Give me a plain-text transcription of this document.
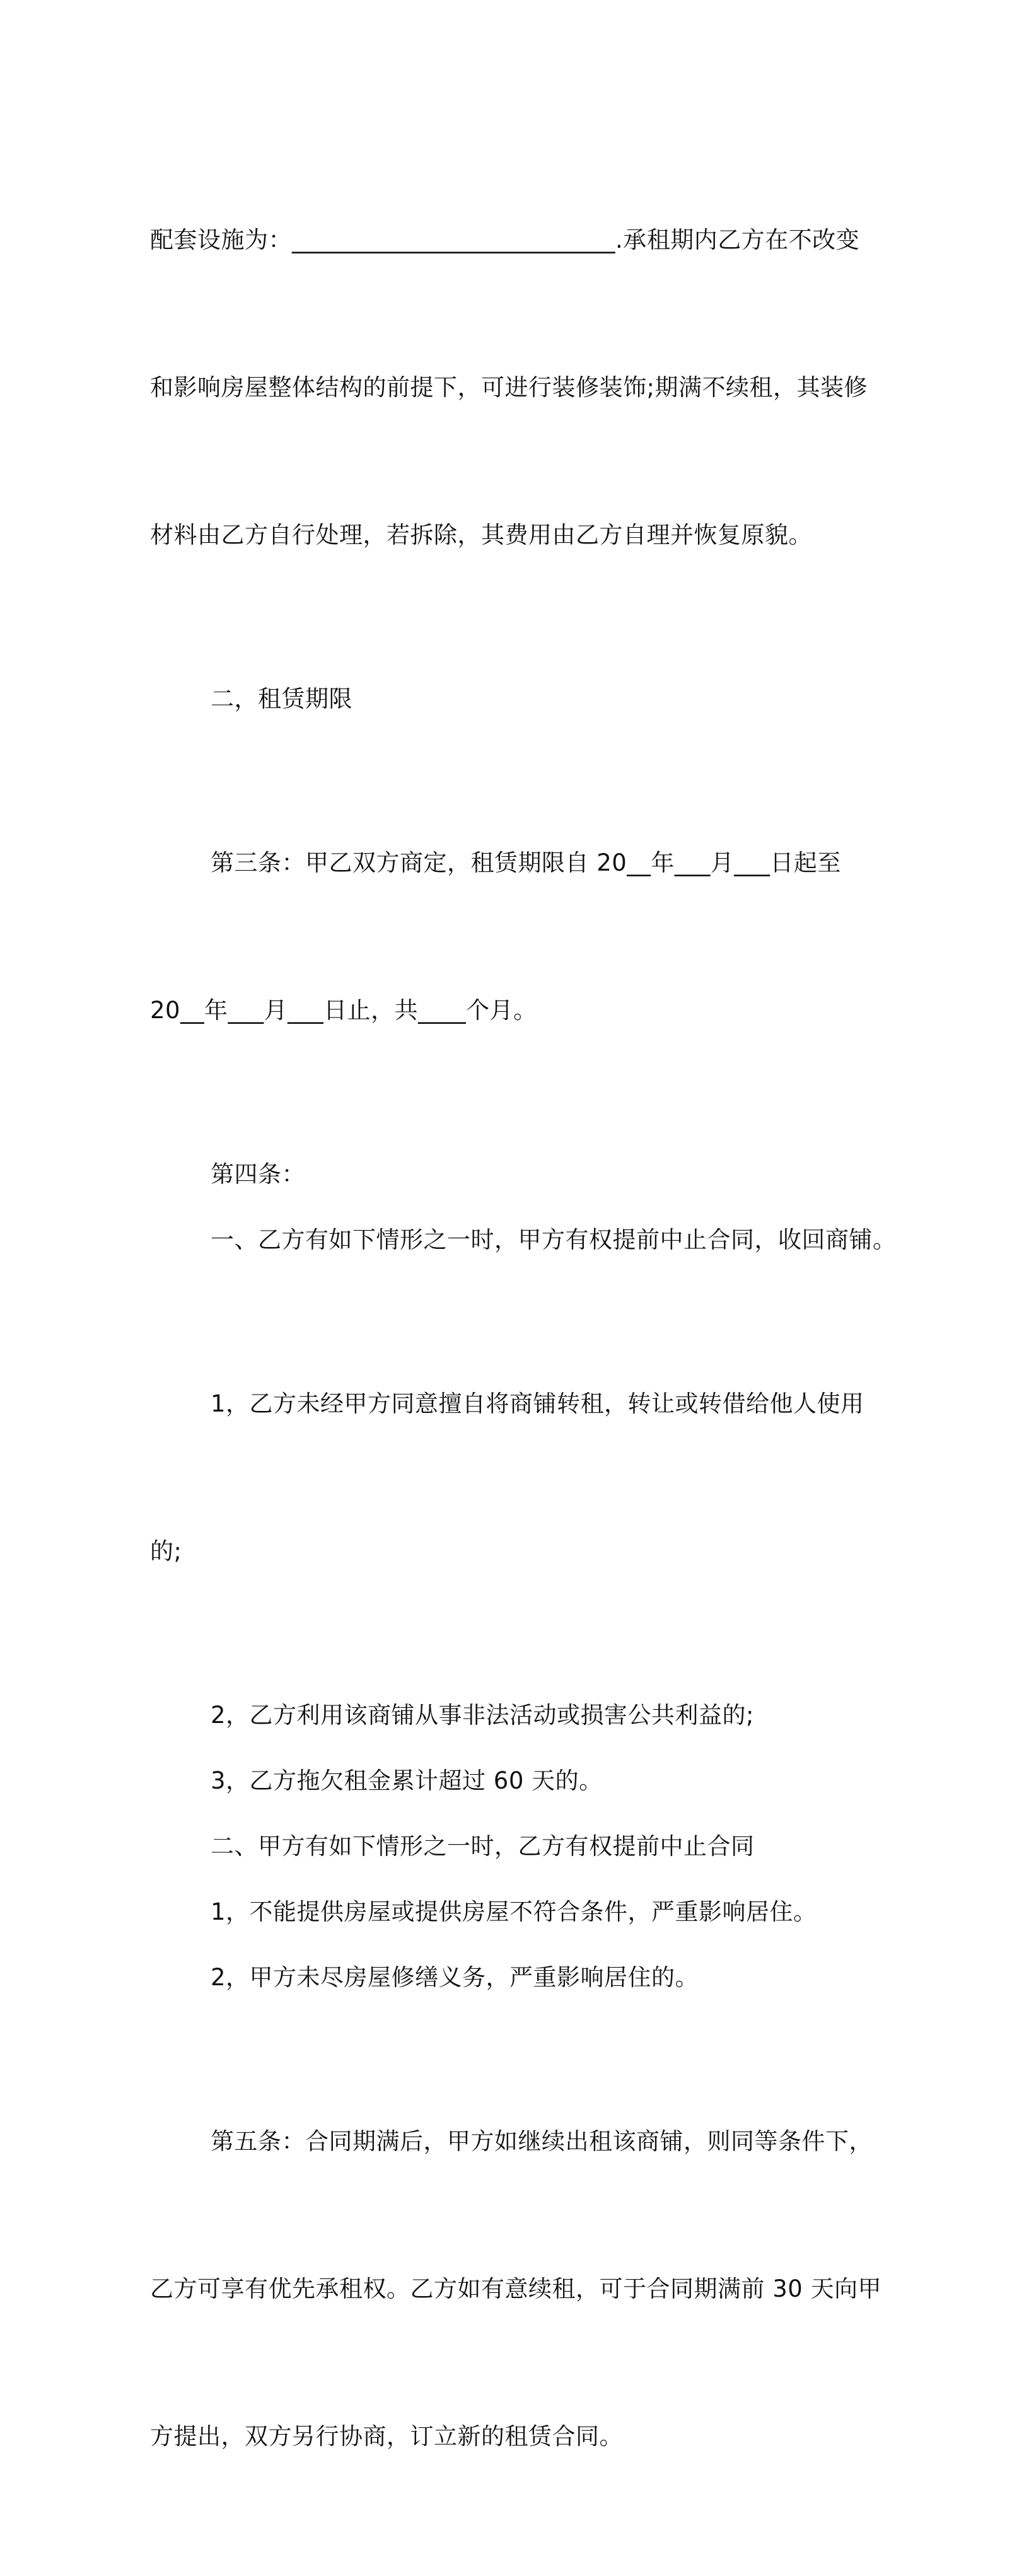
配套设施为：___________________________.承租期内乙方在不改变

和影响房屋整体结构的前提下，可进行装修装饰;期满不续租，其装修

材料由乙方自行处理，若拆除，其费用由乙方自理并恢复原貌。

二，租赁期限

第三条：甲乙双方商定，租赁期限自 20__年___月___日起至

20__年___月___日止，共____个月。

第四条：

一、乙方有如下情形之一时，甲方有权提前中止合同，收回商铺。

1，乙方未经甲方同意擅自将商铺转租，转让或转借给他人使用

的;

2，乙方利用该商铺从事非法活动或损害公共利益的;

3，乙方拖欠租金累计超过 60 天的。

二、甲方有如下情形之一时，乙方有权提前中止合同

1，不能提供房屋或提供房屋不符合条件，严重影响居住。

2，甲方未尽房屋修缮义务，严重影响居住的。

第五条：合同期满后，甲方如继续出租该商铺，则同等条件下，

乙方可享有优先承租权。乙方如有意续租，可于合同期满前 30 天向甲

方提出，双方另行协商，订立新的租赁合同。
